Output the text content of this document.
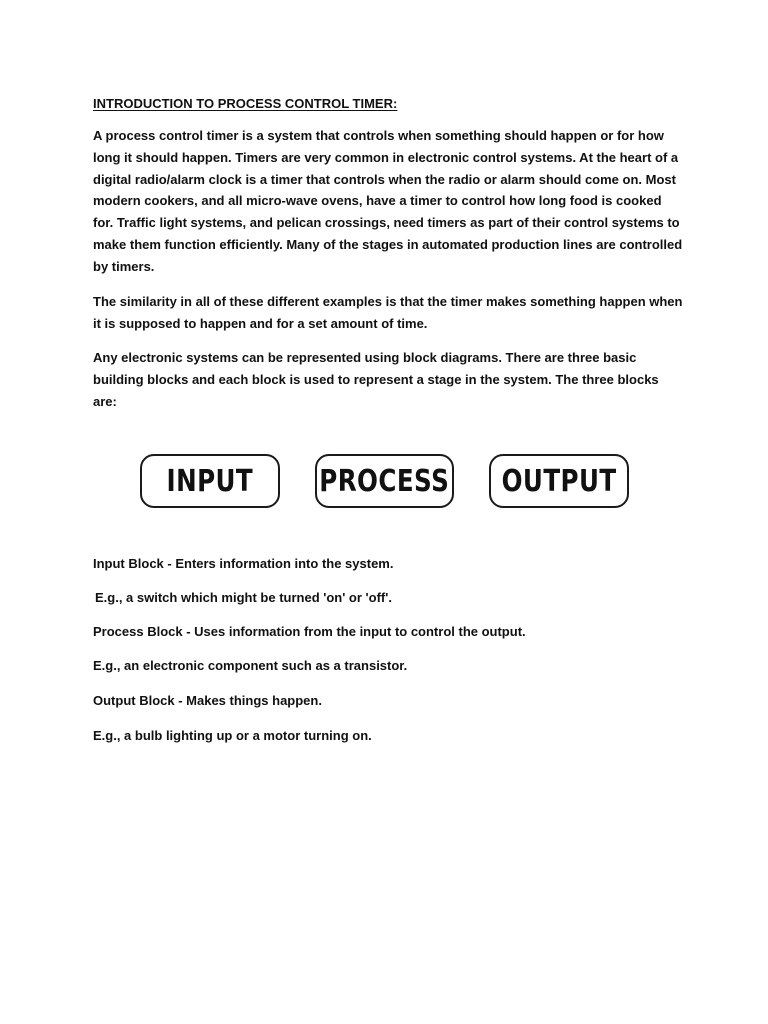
INTRODUCTION TO PROCESS CONTROL TIMER:

A process control timer is a system that controls when something should happen or for how long it should happen. Timers are very common in electronic control systems. At the heart of a digital radio/alarm clock is a timer that controls when the radio or alarm should come on. Most modern cookers, and all micro-wave ovens, have a timer to control how long food is cooked for. Traffic light systems, and pelican crossings, need timers as part of their control systems to make them function efficiently. Many of the stages in automated production lines are controlled by timers.

The similarity in all of these different examples is that the timer makes something happen when it is supposed to happen and for a set amount of time.

Any electronic systems can be represented using block diagrams. There are three basic building blocks and each block is used to represent a stage in the system. The three blocks are:

INPUT PROCESS OUTPUT

Input Block - Enters information into the system.

E.g., a switch which might be turned 'on' or 'off'.

Process Block - Uses information from the input to control the output.

E.g., an electronic component such as a transistor.

Output Block - Makes things happen.

E.g., a bulb lighting up or a motor turning on.
